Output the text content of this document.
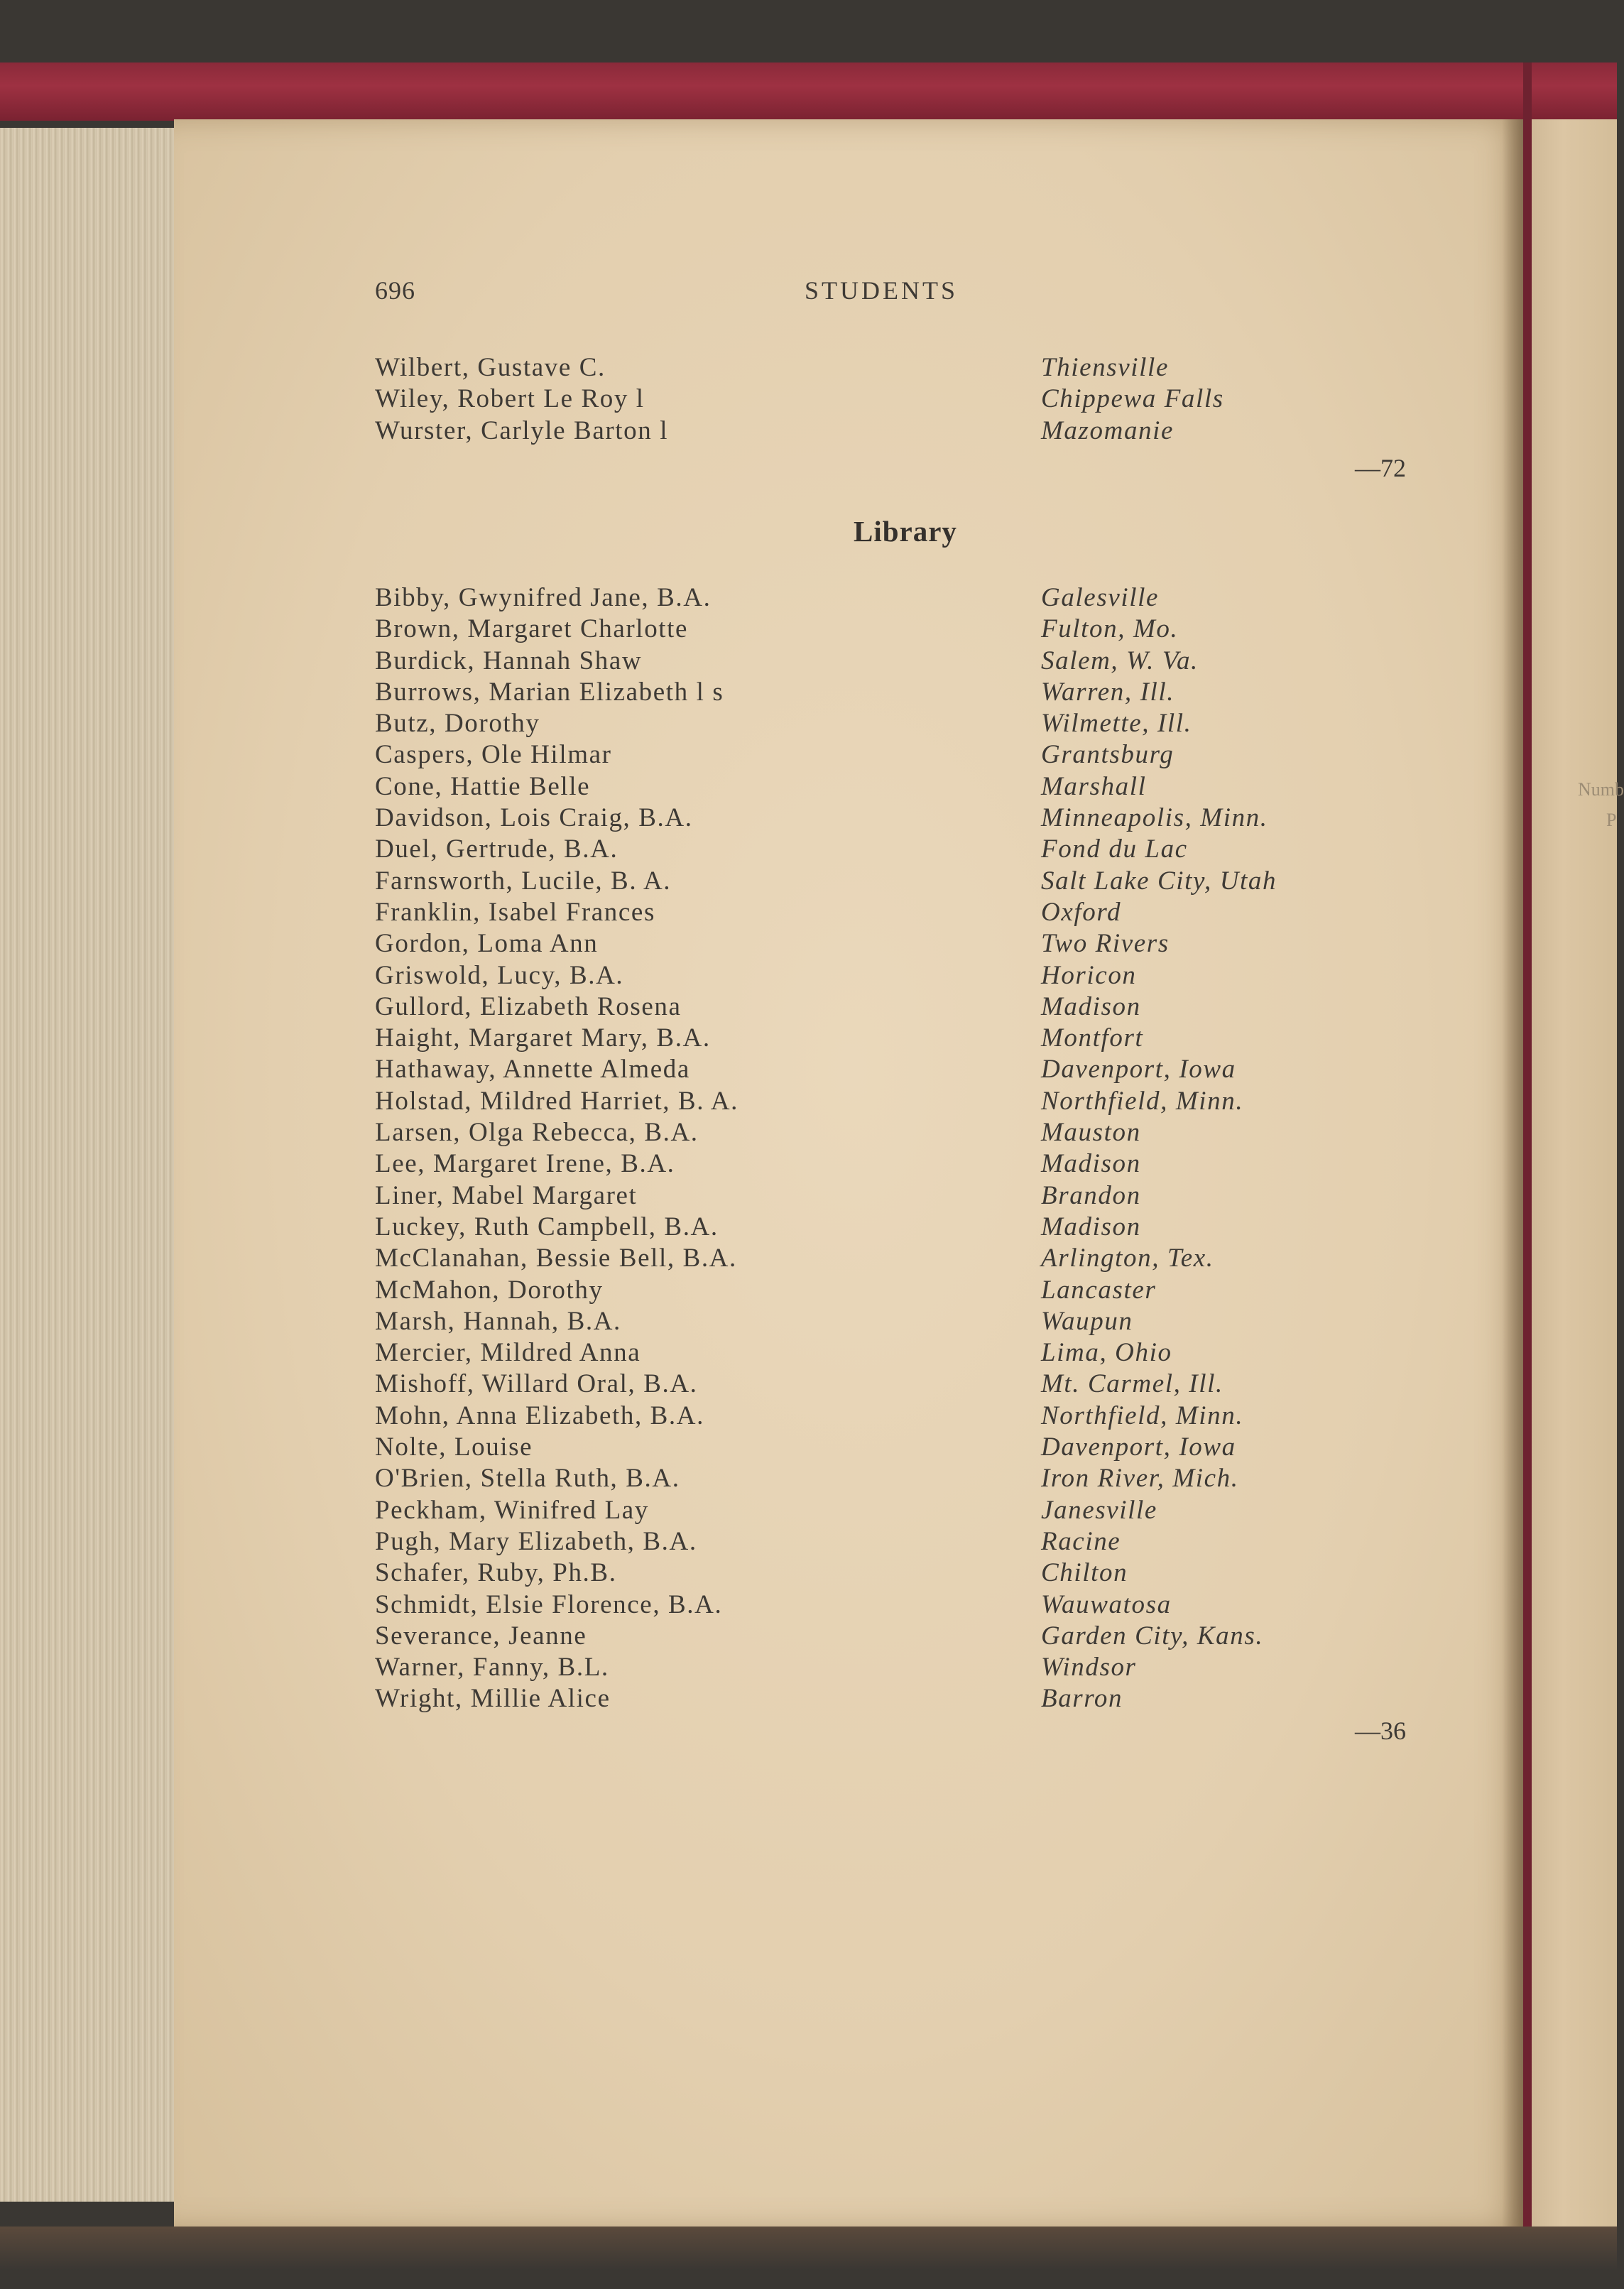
Numb
P
696	STUDENTS
Wilbert, Gustave C.
Wiley, Robert Le Roy l
Wurster, Carlyle Barton l
Thiensville
Chippewa Falls
Mazomanie
—72
Library
Bibby, Gwynifred Jane, B.A.
Brown, Margaret Charlotte
Burdick, Hannah Shaw
Burrows, Marian Elizabeth l s
Butz, Dorothy
Caspers, Ole Hilmar
Cone, Hattie Belle
Davidson, Lois Craig, B.A.
Duel, Gertrude, B.A.
Farnsworth, Lucile, B. A.
Franklin, Isabel Frances
Gordon, Loma Ann
Griswold, Lucy, B.A.
Gullord, Elizabeth Rosena
Haight, Margaret Mary, B.A.
Hathaway, Annette Almeda
Holstad, Mildred Harriet, B. A.
Larsen, Olga Rebecca, B.A.
Lee, Margaret Irene, B.A.
Liner, Mabel Margaret
Luckey, Ruth Campbell, B.A.
McClanahan, Bessie Bell, B.A.
McMahon, Dorothy
Marsh, Hannah, B.A.
Mercier, Mildred Anna
Mishoff, Willard Oral, B.A.
Mohn, Anna Elizabeth, B.A.
Nolte, Louise
O'Brien, Stella Ruth, B.A.
Peckham, Winifred Lay
Pugh, Mary Elizabeth, B.A.
Schafer, Ruby, Ph.B.
Schmidt, Elsie Florence, B.A.
Severance, Jeanne
Warner, Fanny, B.L.
Wright, Millie Alice
Galesville
Fulton, Mo.
Salem, W. Va.
Warren, Ill.
Wilmette, Ill.
Grantsburg
Marshall
Minneapolis, Minn.
Fond du Lac
Salt Lake City, Utah
Oxford
Two Rivers
Horicon
Madison
Montfort
Davenport, Iowa
Northfield, Minn.
Mauston
Madison
Brandon
Madison
Arlington, Tex.
Lancaster
Waupun
Lima, Ohio
Mt. Carmel, Ill.
Northfield, Minn.
Davenport, Iowa
Iron River, Mich.
Janesville
Racine
Chilton
Wauwatosa
Garden City, Kans.
Windsor
Barron
—36
